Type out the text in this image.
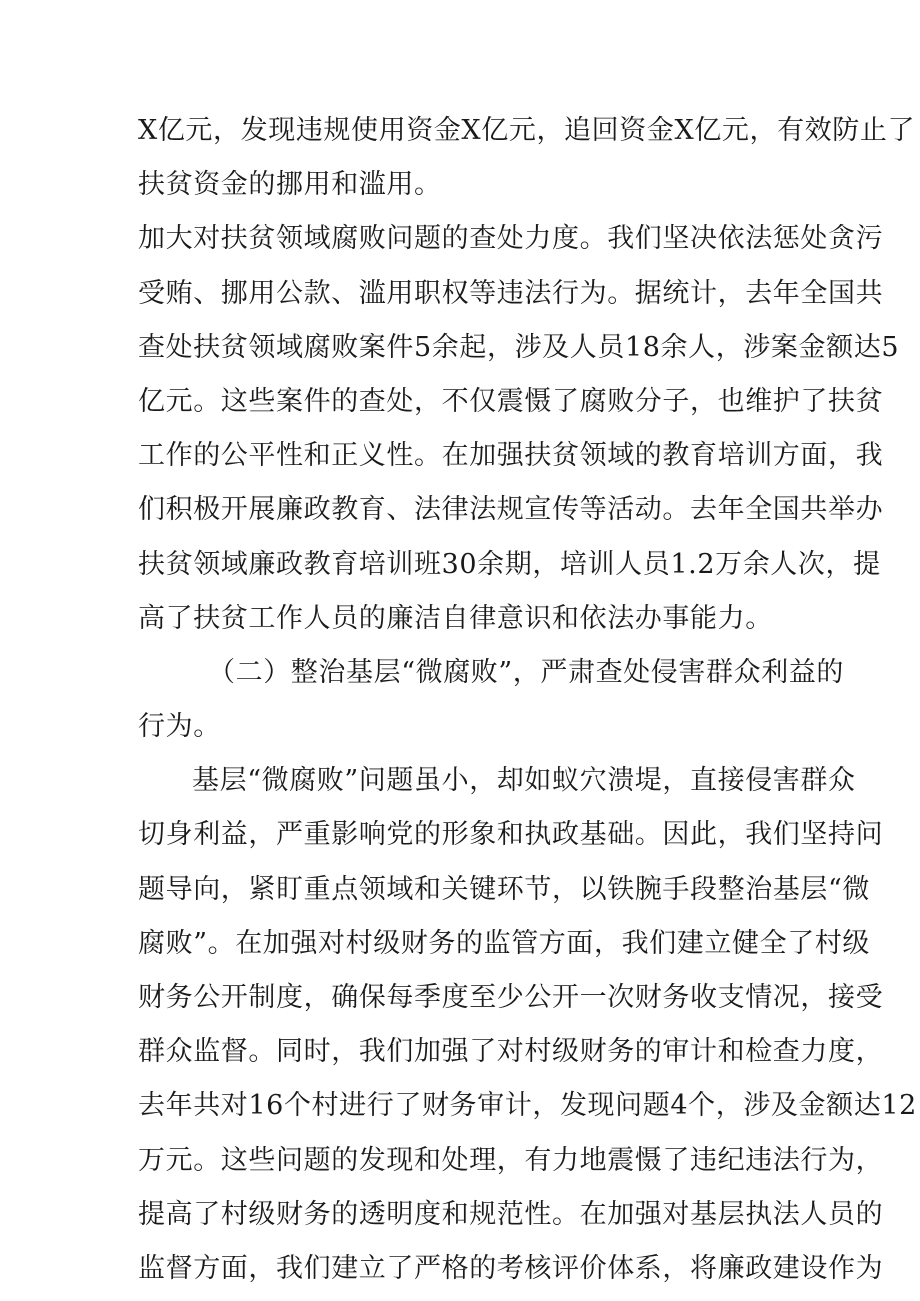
X亿元，发现违规使用资金X亿元，追回资金X亿元，有效防止了
扶贫资金的挪用和滥用。
加大对扶贫领域腐败问题的查处力度。我们坚决依法惩处贪污
受贿、挪用公款、滥用职权等违法行为。据统计，去年全国共
查处扶贫领域腐败案件5余起，涉及人员18余人，涉案金额达5
亿元。这些案件的查处，不仅震慑了腐败分子，也维护了扶贫
工作的公平性和正义性。在加强扶贫领域的教育培训方面，我
们积极开展廉政教育、法律法规宣传等活动。去年全国共举办
扶贫领域廉政教育培训班30余期，培训人员1.2万余人次，提
高了扶贫工作人员的廉洁自律意识和依法办事能力。
（二）整治基层“微腐败”，严肃查处侵害群众利益的
行为。
基层“微腐败”问题虽小，却如蚁穴溃堤，直接侵害群众
切身利益，严重影响党的形象和执政基础。因此，我们坚持问
题导向，紧盯重点领域和关键环节，以铁腕手段整治基层“微
腐败”。在加强对村级财务的监管方面，我们建立健全了村级
财务公开制度，确保每季度至少公开一次财务收支情况，接受
群众监督。同时，我们加强了对村级财务的审计和检查力度，
去年共对16个村进行了财务审计，发现问题4个，涉及金额达12
万元。这些问题的发现和处理，有力地震慑了违纪违法行为，
提高了村级财务的透明度和规范性。在加强对基层执法人员的
监督方面，我们建立了严格的考核评价体系，将廉政建设作为
